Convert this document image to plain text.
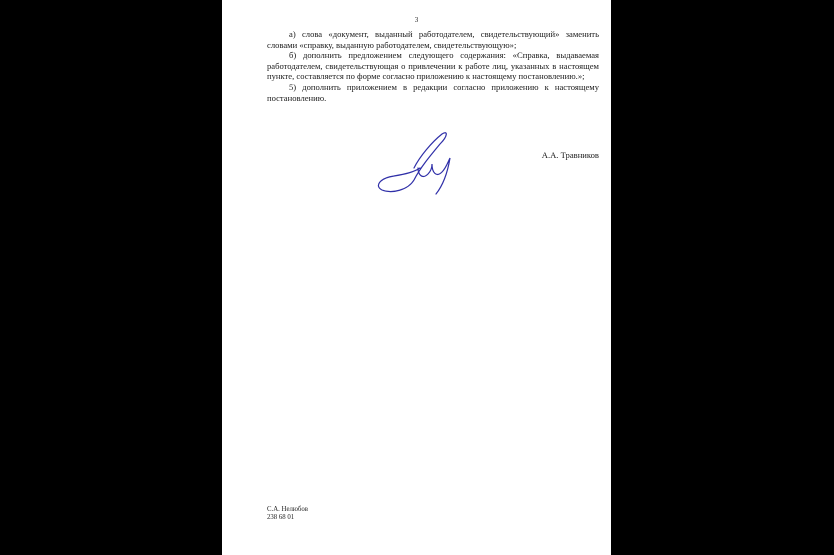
3

а) слова «документ, выданный работодателем, свидетельствующий» заменить словами «справку, выданную работодателем, свидетельствующую»;

б) дополнить предложением следующего содержания: «Справка, выдаваемая работодателем, свидетельствующая о привлечении к работе лиц, указанных в настоящем пункте, составляется по форме согласно приложению к настоящему постановлению.»;

5) дополнить приложением в редакции согласно приложению к настоящему постановлению.

А.А. Травников
С.А. Нелюбов
238 68 01
